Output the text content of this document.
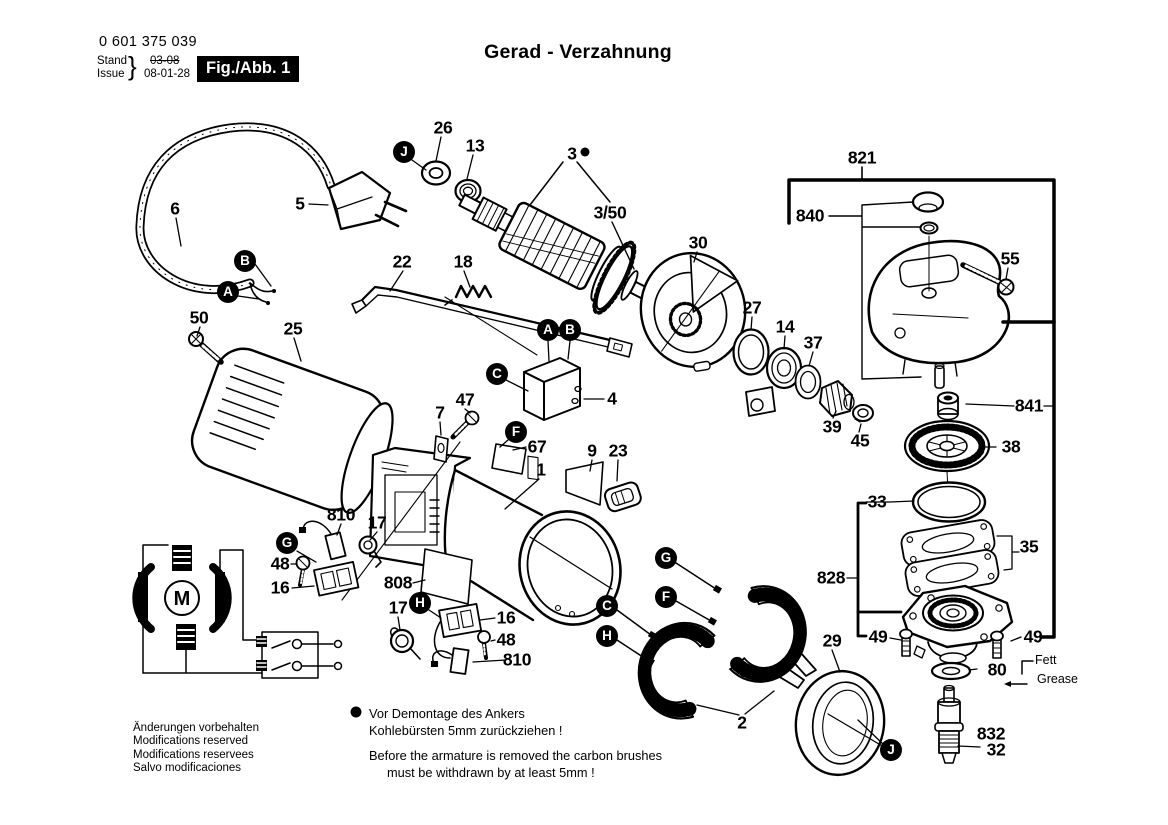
M
0 601 375 039
Stand
Issue } 03-08
08-01-28 Fig./Abb. 1
Gerad - Verzahnung
Änderungen vorbehalten
Modifications reserved
Modifications reservees
Salvo modificaciones
Vor Demontage des Ankers
Kohlebürsten 5mm zurückziehen !
Before the armature is removed the carbon brushes
must be withdrawn by at least 5mm !
Fett
Grease
26
13	3
3/50
821
840
55
5
6
30
22 18
27
14
37
50
25
4	841
39
45	38
7
47
67
1
9 23
33
35
810 17
48
16	828
808
17	16
48
810
29 49	49
80
832
32
2
A
B
J
A B
C
F
G
H
G
F
C
H
J
